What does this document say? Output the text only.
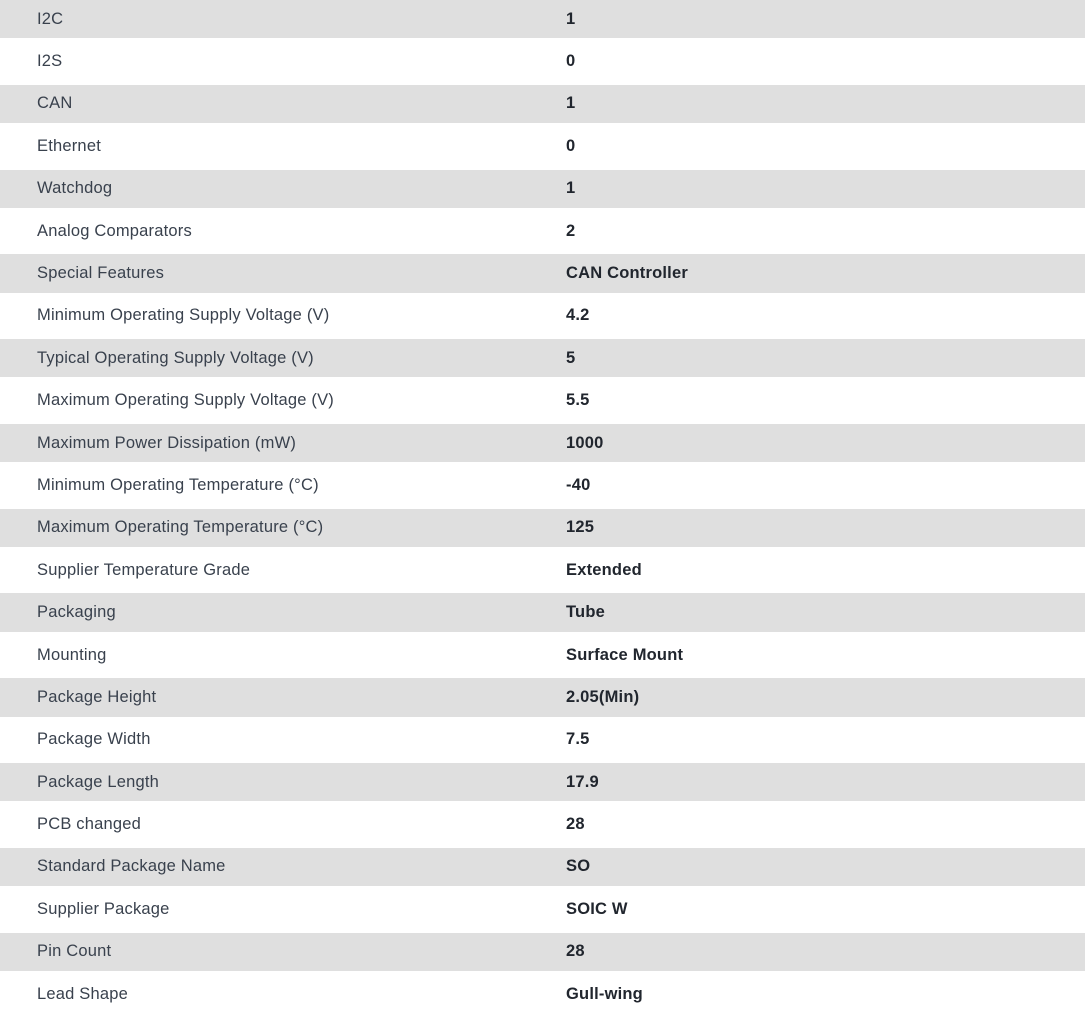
I2C	1
I2S	0
CAN	1
Ethernet	0
Watchdog	1
Analog Comparators	2
Special Features	CAN Controller
Minimum Operating Supply Voltage (V)	4.2
Typical Operating Supply Voltage (V)	5
Maximum Operating Supply Voltage (V)	5.5
Maximum Power Dissipation (mW)	1000
Minimum Operating Temperature (°C)	-40
Maximum Operating Temperature (°C)	125
Supplier Temperature Grade	Extended
Packaging	Tube
Mounting	Surface Mount
Package Height	2.05(Min)
Package Width	7.5
Package Length	17.9
PCB changed	28
Standard Package Name	SO
Supplier Package	SOIC W
Pin Count	28
Lead Shape	Gull-wing
